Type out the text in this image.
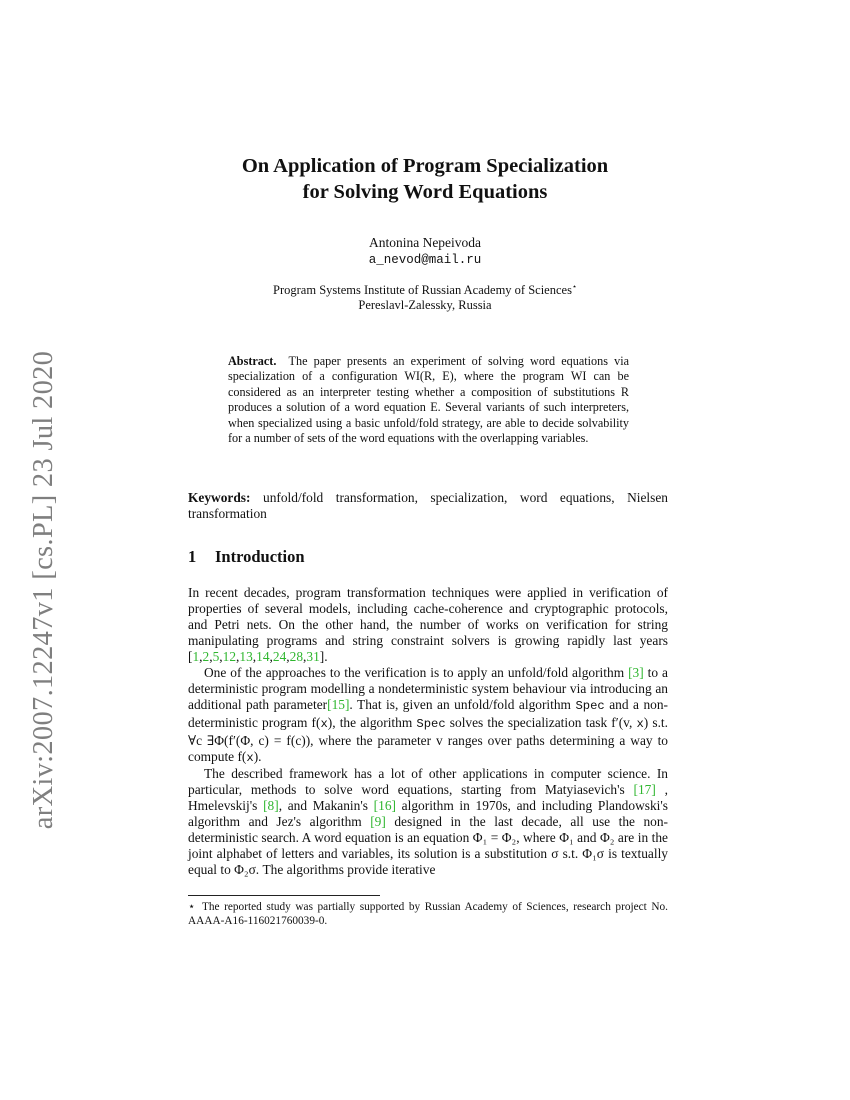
arXiv:2007.12247v1 [cs.PL] 23 Jul 2020
On Application of Program Specialization
for Solving Word Equations
Antonina Nepeivoda
a_nevod@mail.ru
Program Systems Institute of Russian Academy of Sciences⋆
Pereslavl-Zalessky, Russia
Abstract. The paper presents an experiment of solving word equations via specialization of a configuration WI(R, E), where the program WI can be considered as an interpreter testing whether a composition of substitutions R produces a solution of a word equation E. Several variants of such interpreters, when specialized using a basic unfold/fold strategy, are able to decide solvability for a number of sets of the word equations with the overlapping variables.
Keywords: unfold/fold transformation, specialization, word equations, Nielsen transformation
1 Introduction

In recent decades, program transformation techniques were applied in verification of properties of several models, including cache-coherence and cryptographic protocols, and Petri nets. On the other hand, the number of works on verification for string manipulating programs and string constraint solvers is growing rapidly last years [1,2,5,12,13,14,24,28,31].

One of the approaches to the verification is to apply an unfold/fold algorithm [3] to a deterministic program modelling a nondeterministic system behaviour via introducing an additional path parameter[15]. That is, given an unfold/fold algorithm Spec and a non-deterministic program f(x), the algorithm Spec solves the specialization task f′(v, x) s.t. ∀c ∃Φ(f′(Φ, c) = f(c)), where the parameter v ranges over paths determining a way to compute f(x).

The described framework has a lot of other applications in computer science. In particular, methods to solve word equations, starting from Matyiasevich's [17] , Hmelevskij's [8], and Makanin's [16] algorithm in 1970s, and including Plandowski's algorithm and Jez's algorithm [9] designed in the last decade, all use the non-deterministic search. A word equation is an equation Φ₁ = Φ₂, where Φ₁ and Φ₂ are in the joint alphabet of letters and variables, its solution is a substitution σ s.t. Φ₁σ is textually equal to Φ₂σ. The algorithms provide iterative

⋆ The reported study was partially supported by Russian Academy of Sciences, research project No. AAAA-A16-116021760039-0.
